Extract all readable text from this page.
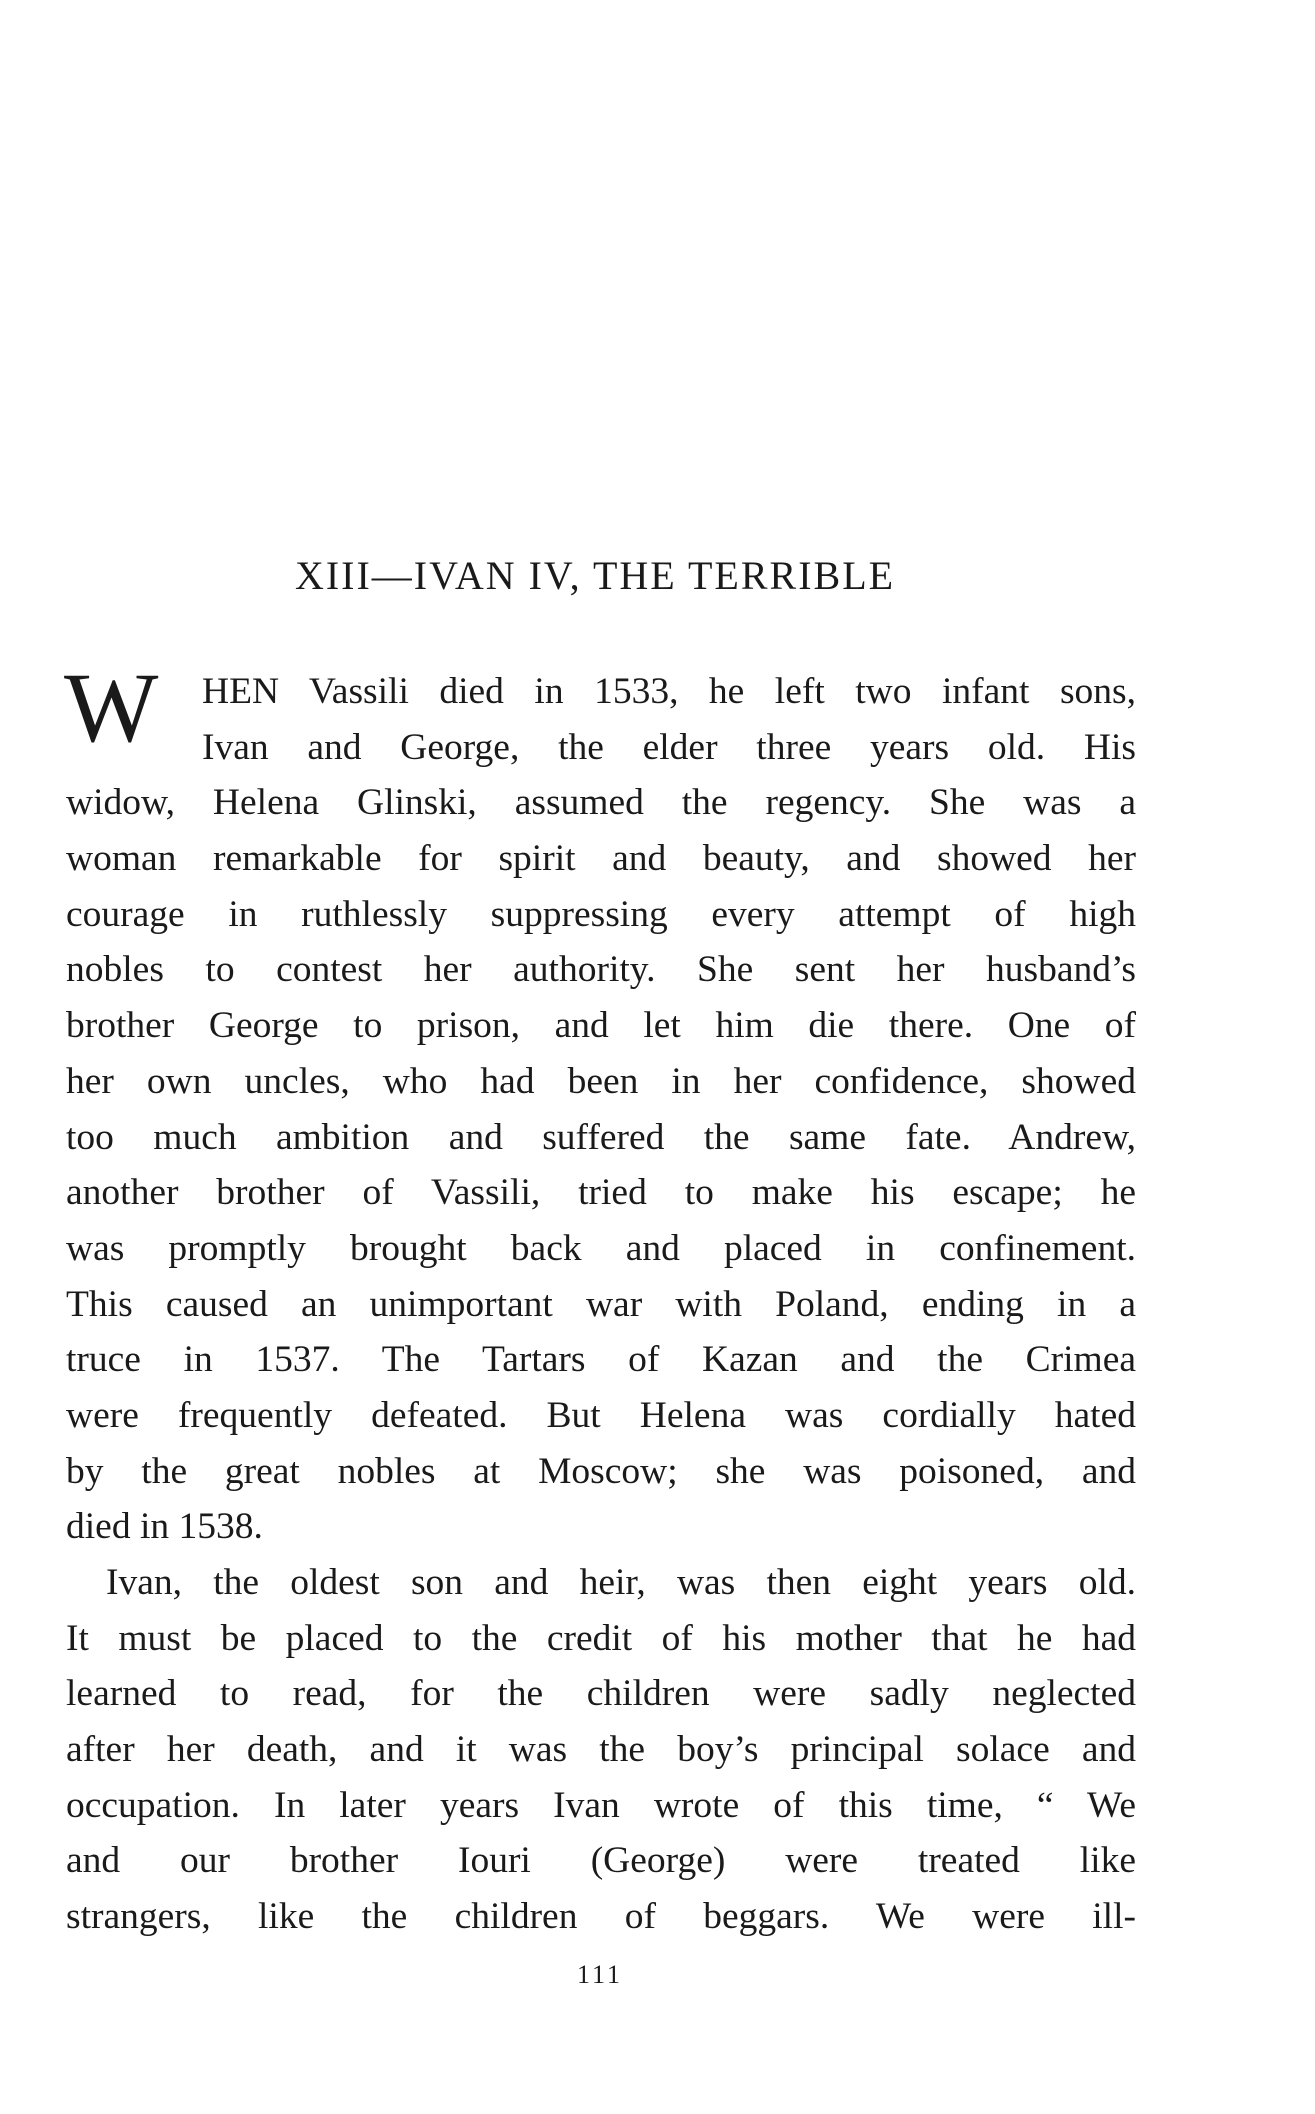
XIII—IVAN IV, THE TERRIBLE
W	HEN Vassili died in 1533, he left two infant sons,
Ivan and George, the elder three years old. His
widow, Helena Glinski, assumed the regency. She was a
woman remarkable for spirit and beauty, and showed her
courage in ruthlessly suppressing every attempt of high
nobles to contest her authority. She sent her husband’s
brother George to prison, and let him die there. One of
her own uncles, who had been in her confidence, showed
too much ambition and suffered the same fate. Andrew,
another brother of Vassili, tried to make his escape; he
was promptly brought back and placed in confinement.
This caused an unimportant war with Poland, ending in a
truce in 1537. The Tartars of Kazan and the Crimea
were frequently defeated. But Helena was cordially hated
by the great nobles at Moscow; she was poisoned, and
died in 1538.
Ivan, the oldest son and heir, was then eight years old.
It must be placed to the credit of his mother that he had
learned to read, for the children were sadly neglected
after her death, and it was the boy’s principal solace and
occupation. In later years Ivan wrote of this time, “ We
and our brother Iouri (George) were treated like
strangers, like the children of beggars. We were ill-
111
